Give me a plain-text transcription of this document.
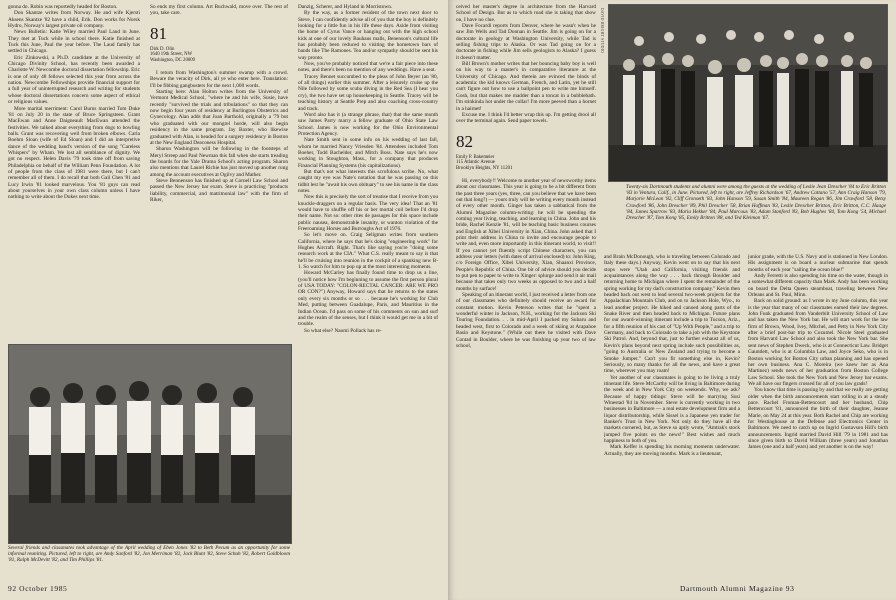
gonna do. Robin was reportedly headed for Boston.

Don Skantze writes from Norway. He and wife Kjersti Aksens Skantze '82 have a child, Erik. Don works for Norsk Hydro, Norway's largest private oil company.

News Bulletin: Katie Wiley married Paul Laud in June. They met at Tuck while in school there. Katie finished at Tuck this June, Paul the year before. The Laud family has settled in Chicago.

Eric Zinkowski, a Ph.D. candidate at the University of Chicago Divinity School, has recently been awarded a Charlotte W. Newcombe doctoral dissertation fellowship. Eric is one of only 48 fellows selected this year from across the nation. Newcombe Fellowships provide financial support for a full year of uninterrupted research and writing for students whose doctoral dissertations concern some aspect of ethical or religious values.

More marital merriment: Carol Burns married Tom Duke '81 on July 20 in the state of Bruce Springsteen. Grant MacEwan and Anne Daigneault MacEwan attended the festivities. We talked about everything from dogs to bowling balls. Grant was recovering well from broken elbows. Carla Boehm Sloan (wife of Ed Sloan) and I did an interpretive dance of the wedding band's version of the song "Careless Whispers" by Wham. We lost all semblance of dignity. We got no respect. Helen Davis '79 took time off from saving Philadelphia on behalf of the William Penn Foundation. A lot of people from the class of 1981 were there, but I can't remember all of them. I do recall that both Gail Chen '81 and Lucy Irwin '81 looked marvelous. You '81 guys can read about yourselves in your own class column unless I have nothing to write about the Dukes next time.

So ends my first column. Art Buchwald, move over. The rest of you, take care.

81
Dirk D. Olin
1640 19th Street, NW
Washington, DC 20009

I return from Washington's summer swamp with a crowd. Beware the veracity of Dirk, all ye who enter here. Translation: I'll be fibbing gangbusters for the next 1,000 words.

Starting here: Alan Holton writes from the University of Vermont Medical School, "where he and his wife, Susie, have recently "survived the trials and tribulations" so that they can now begin four years of residency at Burlington Obstetrics and Gynecology. Alan adds that Joan Barthold, originally a '79 but who graduated with our mongrel horde, will also begin residency in the same program. Jay Baxter, who likewise graduated with Alan, is headed for a surgery residency in Boston at the New England Deaconess Hospital.

Sharon Washington will be following in the footsteps of Meryl Streep and Paul Newman this fall when she starts treading the boards for the Yale Drama School's acting program. Sharon also mentions that Laurel Richie has just moved up another rung among the account executives at Ogilvy and Mather.

Steve Bennenson has finished up at Cornell Law School and passed the New Jersey bar exam. Steve is practicing "products liability, commercial, and matrimonial law" with the firm of Riker,

Danzig, Scherer, and Hyland in Morristown.

By the way, as a former resident of the town next door to Steve, I can confidently advise all of you that the boy is definitely looking for a little fun in his life these days. Aside from visiting the home of Cyrus Vance or hanging out with the high school kids at one of our lovely Bauhaus malls, Benenson's cultural life has probably been reduced to visiting the hometown bars of bands like The Ramones. Tea and/or sympathy should be sent his way pronto.

Now, you've probably noticed that we're a fair piece into these notes, and there's been no mention of any weddings. Have a seat.

Tracey Bennet succumbed to the pleas of John Beyer (an '80, of all things) earlier this summer. After a leisurely cruise up the Nile followed by some scuba diving in the Red Sea (I hear you cry), the two have set up housekeeping in Seattle. Tracey will be teaching history at Seattle Prep and also coaching cross-country and track.

Word also has it (a strange phrase, that) that the same month saw James Parry marry a fellow graduate of Ohio State Law School. James is now working for the Ohio Environmental Protection Agency.

Nate Smith sent in some info on his wedding of last fall, whom he married Nancy Vriesden '84. Attendees included Tom Boeher, Todd Bachelder, and Mitch Boss. Nate says he's now working in Stoughton, Mass., for a company that produces Financial Planning Systems (his capitalizations).

But that's not what interests this scrofulous scribe. No, what caught my eye was Nate's notation that he was passing on this tidbit lest he "await his own obituary" to see his name in the class notes.

Now this is precisely the sort of treatise that I receive from you knuckle-draggers on a regular basis. The very idea! That an '81 would have to shuffle off his or her mortal coil before I'd drop their name. Not so: other rites de passages for this space include public nausea, demonstrable insanity, or wanton violation of the Freeroaming Horses and Burroughs Act of 1976.

So let's move on. Craig Seligman writes from southern California, where he says that he's doing "engineering work" for Hughes Aircraft. Right. That's like saying you're "doing some research work at the CIA." What C.S. really meant to say is that he'll be cruising into reunion in the cockpit of a spanking new B-1. So watch for him to pop up at the most interesting moments.

Howard McCarley has finally found time to drop us a line, (you'll notice how I'm beginning to assume the first person plural of USA TODAY: "COLON-RECTAL CANCER: ARE WE PRO OR CON?") Anyway, Howard says that he returns to the states only every six months or so . . . because he's working for Club Med, putting between Guadalupe, Paris, and Mauritius in the Indian Ocean. I'd pass on some of his comments on sun and surf and the realm of the senses, but I think it would get me in a bit of trouble.

So what else? Naomi Pollack has re-

Several friends and classmates took advantage of the April wedding of Eben Jones '82 to Beth Pecum as an opportunity for some informal reuniting. Pictured, left to right, are Andy Sanford '82, Jon Merriman '82, Jack Blunt '82, Steve Schuh '82, Robert Goldbloom '81, Ralph McDevitt '82, and Tim Phillips '81.
92 October 1985

ceived her master's degree in architecture from the Harvard School of Design. But as to which road she is taking that show on, I have no clue.

Dave Focardi reports from Denver, where he wasn't when he saw Jim Wells and Tad Donnan in Seattle. Jim is going on for a doctorate in geology at Washington University, while Tad is selling fishing trips to Alaska. Or was Tad going on for a doctorate in fishing while Jim sells geologists to Alaska? I guess it doesn't matter.

Bill Brown's mother writes that her bouncing baby boy is well on his way to a master's in comparative literature at the University of Chicago. And therein are evinced the binds of academia: the kid knows German, French, and Latin, yet he still can't figure out how to use a ballpoint pen to write me himself. Gosh, but that makes me madder than a toncat in a bubblebath. I'm stinkinda hot under the collar! I'm more peeved than a hornet in a hairnet!

Excuse me. I think I'd better wrap this up. I'm getting drool all over the terminal again. Send paper towels.

82
Emily P. Bakemeier
115 Atlantic Avenue
Brooklyn Heights, NY 11201

Hi, everybody!! Welcome to another year of newsworthy items about our classmates. This year is going to be a bit different from the past three years (yes, three, can you believe that we have been out that long?) — yours truly will be writing every month instead of every other month. Ginger has taken a sabbatical from the Alumni Magazine column-writing: he will be spending the coming year living, teaching, and learning in China. John and his bride, Rachel Kenzie '81, will be teaching basic business courses and English at Xibei University in Xian, China. John asked that I print their address in China to invite and encourage people to write and, even more importantly in this itinerant world, to visit!! If you cannot yet fluently script Chinese characters, you can address your letters (with dates of arrival enclosed) to: John King, c/o Foreign Office, Xibei University, Xian, Shaanxi Province, People's Republic of China. One bit of advice should you decide to put pen to paper to write to Xinger: splurge and send it air mail because that takes only two weeks as opposed to two and a half months by surface!

Speaking of an itinerant world, I just received a letter from one of our classmates who definitely should receive an award for constant motion. Kevin Peterson writes that he "spent a wonderful winter in Jackson, N.H., working for the Jackson Ski Touring Foundation. . . in mid-April I packed my Subaru and headed west, first to Colorado and a week of skiing at Arapahoe Basin and Keystone." (While out there he visited with Dave Contad in Boulder, where he was finishing up year two of law school,

DAVID BRIGHT STUDIO
Twenty-six Dartmouth students and alumni were among the guests at the wedding of Leslie Jean Drescher '84 to Eric Britton '83 in Ventura, Calif., in June. Pictured, left to right, are Jeffrey Richardson '67, Andrew Cattano '57, Ann Craig Hanson '79, Marjorie McLean '82, Cliff Gronseth '83, John Hanson '59, Susan Smith '84, Maureen Regan '86, Jim Crawford '58, Betsy Crawford '86, John Drescher '89, Phil Drescher '58, Brian Hoffman '83, Leslie Drescher Britton, Eric Britton, C.C. Haage '84, James Sparrow '83, Maria Hekker '84, Paul Marcoux '83, Adam Stanford '83, Bob Hughes '84, Tom Kong '54, Michael Drescher '87, Tom Kong '85, Emily Britton '88, and Ted Kleiman '67.

and Brain McDonough, who is traveling between Colorado and Italy these days.) Anyway, Kevin went on to say that his next stops were "Utah and California, visiting friends and acquaintances along the way . . . back through Boulder and returning home to Michigan where I spent the remainder of the spring working for my dad's construction company." Kevin then headed back out west to lead several two-week projects for the Appalachian Mountain Club, and on to Jackson Hole, Wyo., to lead another project. He hiked and canoed along parts of the Snake River and then headed back to Michigan. Future plans for our award-winning itinerant include a trip to Tucson, Ariz., for a fifth reunion of his cast of "Up With People," and a trip to Germany, and back to Colorado to take a job with the Keystone Ski Patrol. And, beyond that, just to further exhaust all of us, Kevin's plans beyond next spring include such possibilities as, "going to Australia or New Zealand and trying to become a Smoke Jumper." Can't you fit something else in, Kevin? Seriously, so many thanks for all the news, and have a great time, wherever you may roam!

Yet another of our classmates is going to be living a truly itinerant life. Steve McCarthy will be living in Baltimore during the week and in New York City on weekends. Why, we ask? Because of happy tidings: Steve will be marrying Susi Winestad '84 in November. Steve is currently working in two businesses in Baltimore — a real estate development firm and a liquor distributorship, while Sissel is a Japanese yen trader for Banker's Trust in New York. Not only do they have all the markets cornered, but, as Steve so aptly wrote, "Amtrak's stock jumped five points on the news!" Best wishes and much happiness to both of you.

Mark Keffer is spending his morning moments underwater. Actually, they are moving months. Mark is a lieutenant,

junior grade, with the U.S. Navy and is stationed in New London. His assignment is on board a nuclear submarine that spends months of each year "sailing the ocean blue!"

Andy Ferretti is also spending his time on the water, though in a somewhat different capacity than Mark. Andy has been working on board the Delta Queen steamboat, traveling between New Orleans and St. Paul, Minn.

Back on solid ground: as I wrote in my June column, this year is the year that many of our classmates earned their law degrees. John Funk graduated from Vanderbilt University School of Law and has taken the New York bar. He will start work for the law firm of Brown, Wood, Ivey, Mitchel, and Petty in New York City after a brief post-bar trip to Cozumel. Nicole Steel graduated from Harvard Law School and also took the New York bar. She sent news of Stephen Dweck, who is at Connecticut Law. Bridget Gauntlett, who is at Columbia Law, and Joyce Seko, who is in Boston working for Boston City urban planning and has opened her own business. Ana C. Moreira (we knew her as Ana Martinez) sends news of her graduation from Boston College Law School. She took the New York and New Jersey bar exams. We all have our fingers crossed for all of you law grads!

You know that time is passing by and that we really are getting older when the birth announcements start rolling in at a steady pace. Rachel Froman-Bettencourt and her husband, Chip Bettencourt '81, announced the birth of their daughter, Jeanne Marie, on May 24 at this year. Both Rachel and Chip are working for Westinghouse at the Defense and Electronics Center in Baltimore. We need to catch up on Ingrid Gustavson Hill's birth announcements. Ingrid married David Hill '79 in 1981 and has since given birth to David William (three years) and Jonathan James (one and a half years) and yet another is on the way!

Dartmouth Alumni Magazine 93
